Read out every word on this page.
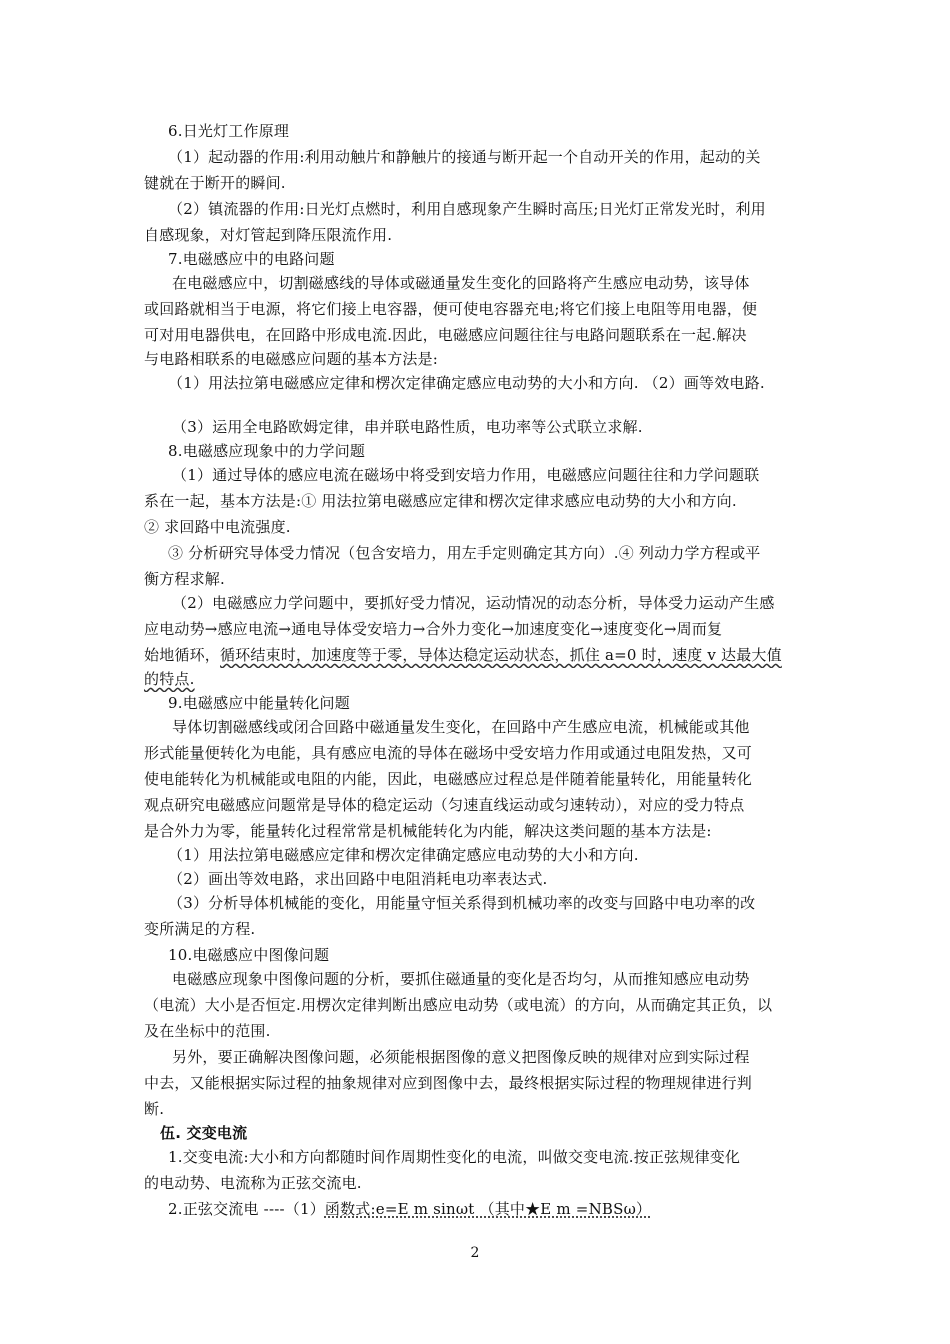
6.日光灯工作原理
（1）起动器的作用:利用动触片和静触片的接通与断开起一个自动开关的作用，起动的关
键就在于断开的瞬间.
（2）镇流器的作用:日光灯点燃时，利用自感现象产生瞬时高压;日光灯正常发光时，利用
自感现象，对灯管起到降压限流作用.
7.电磁感应中的电路问题
在电磁感应中，切割磁感线的导体或磁通量发生变化的回路将产生感应电动势，该导体
或回路就相当于电源，将它们接上电容器，便可使电容器充电;将它们接上电阻等用电器，便
可对用电器供电，在回路中形成电流.因此，电磁感应问题往往与电路问题联系在一起.解决
与电路相联系的电磁感应问题的基本方法是:
（1）用法拉第电磁感应定律和楞次定律确定感应电动势的大小和方向. （2）画等效电路.
（3）运用全电路欧姆定律，串并联电路性质，电功率等公式联立求解.
8.电磁感应现象中的力学问题
（1）通过导体的感应电流在磁场中将受到安培力作用，电磁感应问题往往和力学问题联
系在一起，基本方法是:① 用法拉第电磁感应定律和楞次定律求感应电动势的大小和方向.
② 求回路中电流强度.
③ 分析研究导体受力情况（包含安培力，用左手定则确定其方向）.④ 列动力学方程或平
衡方程求解.
（2）电磁感应力学问题中，要抓好受力情况，运动情况的动态分析，导体受力运动产生感
应电动势→感应电流→通电导体受安培力→合外力变化→加速度变化→速度变化→周而复
始地循环，循环结束时，加速度等于零，导体达稳定运动状态，抓住 a=0 时，速度 v 达最大值
的特点.
9.电磁感应中能量转化问题
导体切割磁感线或闭合回路中磁通量发生变化，在回路中产生感应电流，机械能或其他
形式能量便转化为电能，具有感应电流的导体在磁场中受安培力作用或通过电阻发热，又可
使电能转化为机械能或电阻的内能，因此，电磁感应过程总是伴随着能量转化，用能量转化
观点研究电磁感应问题常是导体的稳定运动（匀速直线运动或匀速转动），对应的受力特点
是合外力为零，能量转化过程常常是机械能转化为内能，解决这类问题的基本方法是:
（1）用法拉第电磁感应定律和楞次定律确定感应电动势的大小和方向.
（2）画出等效电路，求出回路中电阻消耗电功率表达式.
（3）分析导体机械能的变化，用能量守恒关系得到机械功率的改变与回路中电功率的改
变所满足的方程.
10.电磁感应中图像问题
电磁感应现象中图像问题的分析，要抓住磁通量的变化是否均匀，从而推知感应电动势
（电流）大小是否恒定.用楞次定律判断出感应电动势（或电流）的方向，从而确定其正负，以
及在坐标中的范围.
另外，要正确解决图像问题，必须能根据图像的意义把图像反映的规律对应到实际过程
中去，又能根据实际过程的抽象规律对应到图像中去，最终根据实际过程的物理规律进行判
断.
伍. 交变电流
1.交变电流:大小和方向都随时间作周期性变化的电流，叫做交变电流.按正弦规律变化
的电动势、电流称为正弦交流电.
2.正弦交流电 ----（1）函数式:e=E m sinωt （其中★E m =NBSω）
2
